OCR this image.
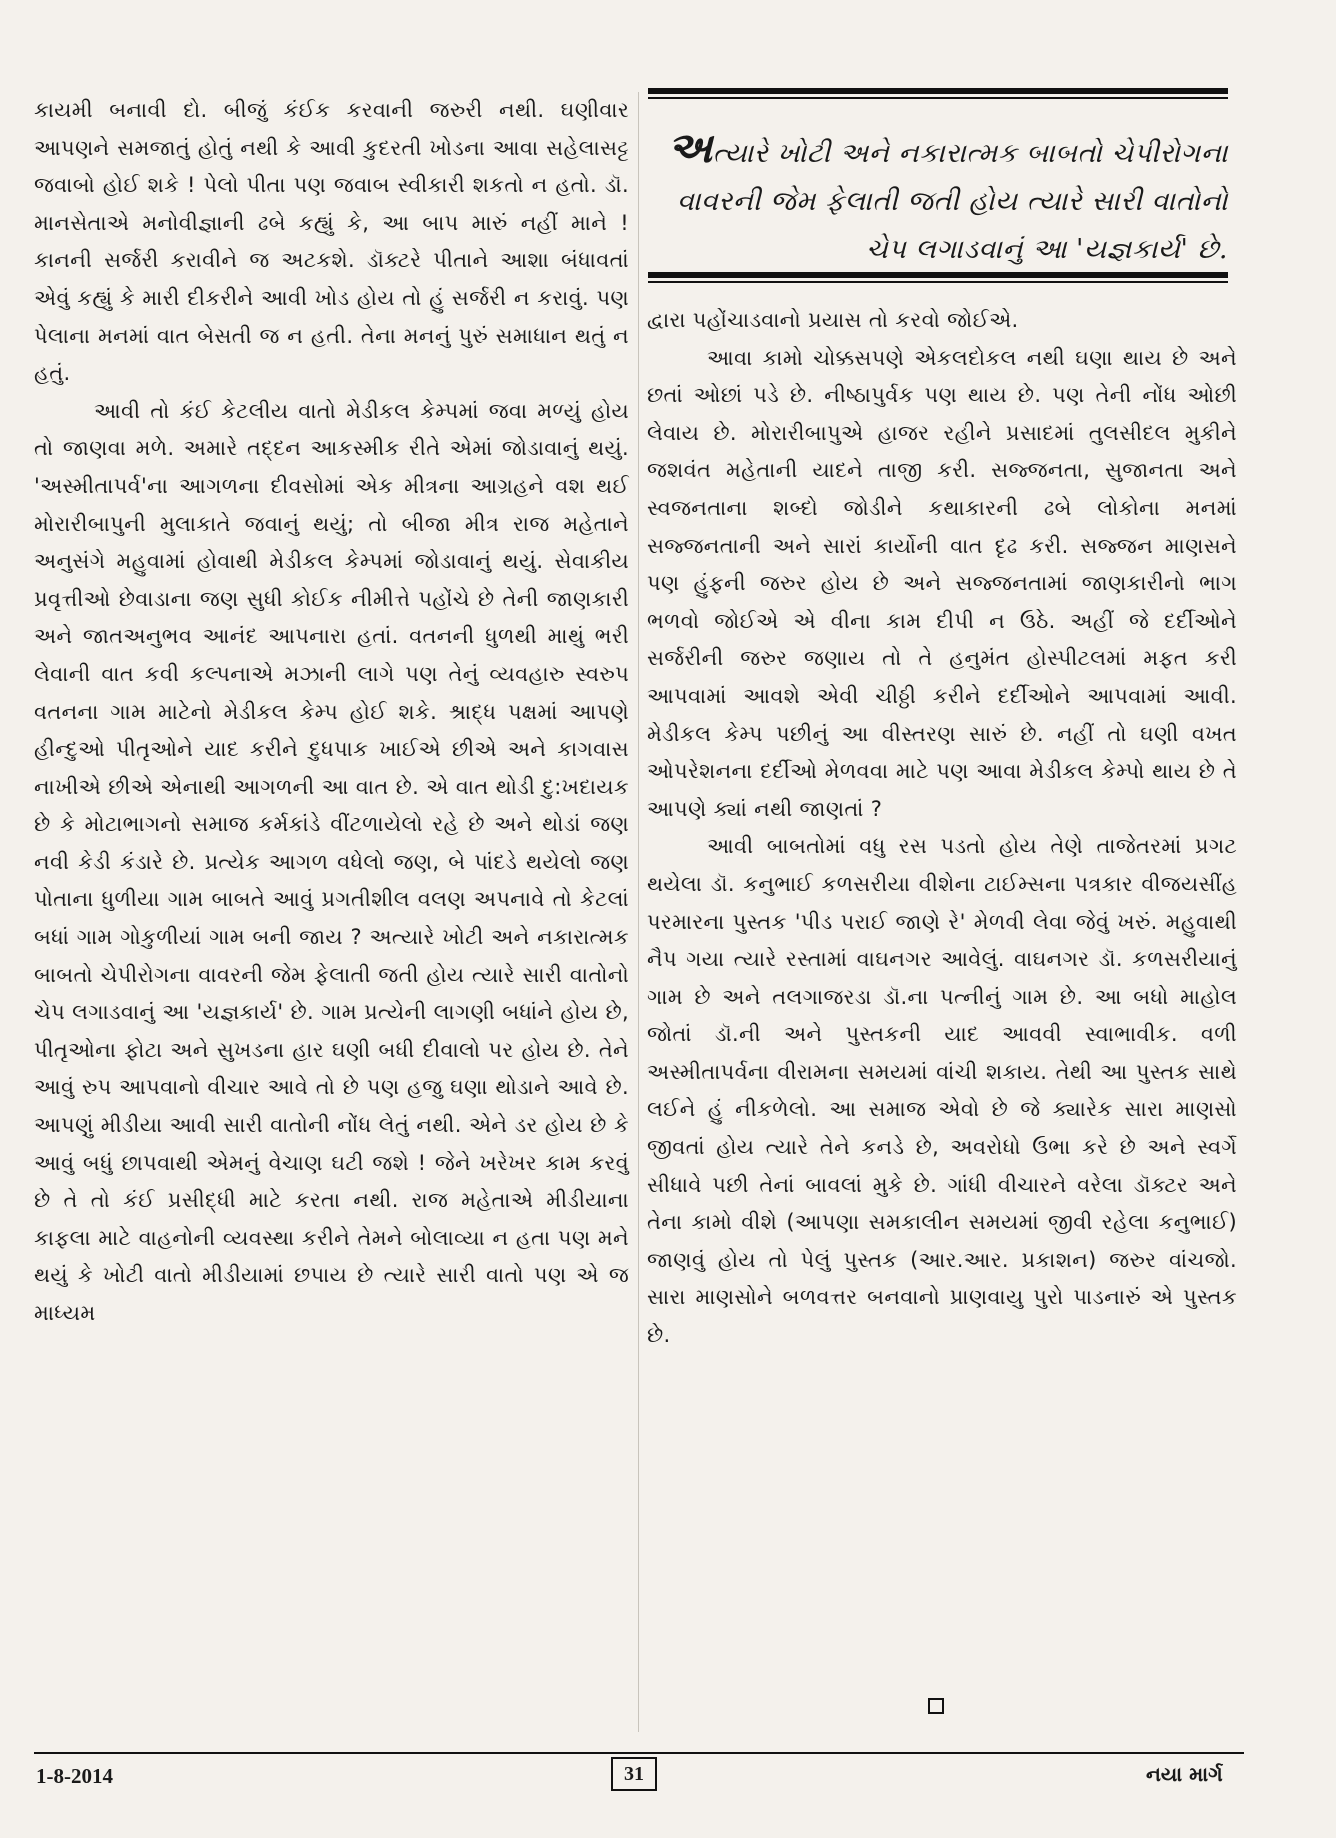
કાયમી બનાવી દો. બીજું કંઈક કરવાની જરુરી નથી. ઘણીવાર આપણને સમજાતું હોતું નથી કે આવી કુદરતી ખોડના આવા સહેલાસટ્ટ જવાબો હોઈ શકે ! પેલો પીતા પણ જવાબ સ્વીકારી શકતો ન હતો. ડૉ. માનસેતાએ મનોવીજ્ઞાની ઢબે કહ્યું કે, આ બાપ મારું નહીં માને ! કાનની સર્જરી કરાવીને જ અટકશે. ડૉક્ટરે પીતાને આશા બંધાવતાં એવું કહ્યું કે મારી દીકરીને આવી ખોડ હોય તો હું સર્જરી ન કરાવું. પણ પેલાના મનમાં વાત બેસતી જ ન હતી. તેના મનનું પુરું સમાધાન થતું ન હતું.

આવી તો કંઈ કેટલીય વાતો મેડીકલ કેમ્પમાં જવા મળ્યું હોય તો જાણવા મળે. અમારે તદ્દન આકસ્મીક રીતે એમાં જોડાવાનું થયું. 'અસ્મીતાપર્વ'ના આગળના દીવસોમાં એક મીત્રના આગ્રહને વશ થઈ મોરારીબાપુની મુલાકાતે જવાનું થયું; તો બીજા મીત્ર રાજ મહેતાને અનુસંગે મહુવામાં હોવાથી મેડીકલ કેમ્પમાં જોડાવાનું થયું. સેવાકીય પ્રવૃત્તીઓ છેવાડાના જણ સુધી કોઈક નીમીત્તે પહોંચે છે તેની જાણકારી અને જાતઅનુભવ આનંદ આપનારા હતાં. વતનની ધુળથી માથું ભરી લેવાની વાત કવી કલ્પનાએ મઝાની લાગે પણ તેનું વ્યવહારુ સ્વરુપ વતનના ગામ માટેનો મેડીકલ કેમ્પ હોઈ શકે. શ્રાદ્ધ પક્ષમાં આપણે હીન્દુઓ પીતૃઓને યાદ કરીને દુધપાક ખાઈએ છીએ અને કાગવાસ નાખીએ છીએ એનાથી આગળની આ વાત છે. એ વાત થોડી દુ:ખદાયક છે કે મોટાભાગનો સમાજ કર્મકાંડે વીંટળાયેલો રહે છે અને થોડાં જણ નવી કેડી કંડારે છે. પ્રત્યેક આગળ વધેલો જણ, બે પાંદડે થયેલો જણ પોતાના ધુળીયા ગામ બાબતે આવું પ્રગતીશીલ વલણ અપનાવે તો કેટલાં બધાં ગામ ગોકુળીયાં ગામ બની જાય ? અત્યારે ખોટી અને નકારાત્મક બાબતો ચેપીરોગના વાવરની જેમ ફેલાતી જતી હોય ત્યારે સારી વાતોનો ચેપ લગાડવાનું આ 'યજ્ઞકાર્ય' છે. ગામ પ્રત્યેની લાગણી બધાંને હોય છે, પીતૃઓના ફોટા અને સુખડના હાર ઘણી બધી દીવાલો પર હોય છે. તેને આવું રુપ આપવાનો વીચાર આવે તો છે પણ હજુ ઘણા થોડાને આવે છે. આપણું મીડીયા આવી સારી વાતોની નોંધ લેતું નથી. એને ડર હોય છે કે આવું બધું છાપવાથી એમનું વેચાણ ઘટી જશે ! જેને ખરેખર કામ કરવું છે તે તો કંઈ પ્રસીદ્ધી માટે કરતા નથી. રાજ મહેતાએ મીડીયાના કાફલા માટે વાહનોની વ્યવસ્થા કરીને તેમને બોલાવ્યા ન હતા પણ મને થયું કે ખોટી વાતો મીડીયામાં છપાય છે ત્યારે સારી વાતો પણ એ જ માધ્યમ

અત્યારે ખોટી અને નકારાત્મક બાબતો ચેપીરોગના વાવરની જેમ ફેલાતી જતી હોય ત્યારે સારી વાતોનો ચેપ લગાડવાનું આ 'યજ્ઞકાર્ય' છે.

દ્વારા પહોંચાડવાનો પ્રયાસ તો કરવો જોઈએ.

આવા કામો ચોક્કસપણે એકલદોકલ નથી ઘણા થાય છે અને છતાં ઓછાં પડે છે. નીષ્ઠાપુર્વક પણ થાય છે. પણ તેની નોંધ ઓછી લેવાય છે. મોરારીબાપુએ હાજર રહીને પ્રસાદમાં તુલસીદલ મુકીને જશવંત મહેતાની યાદને તાજી કરી. સજ્જનતા, સુજાનતા અને સ્વજનતાના શબ્દો જોડીને કથાકારની ઢબે લોકોના મનમાં સજ્જનતાની અને સારાં કાર્યોની વાત દૃઢ કરી. સજ્જન માણસને પણ હુંફની જરુર હોય છે અને સજ્જનતામાં જાણકારીનો ભાગ ભળવો જોઈએ એ વીના કામ દીપી ન ઉઠે. અહીં જે દર્દીઓને સર્જરીની જરુર જણાય તો તે હનુમંત હોસ્પીટલમાં મફત કરી આપવામાં આવશે એવી ચીઠ્ઠી કરીને દર્દીઓને આપવામાં આવી. મેડીકલ કેમ્પ પછીનું આ વીસ્તરણ સારું છે. નહીં તો ઘણી વખત ઓપરેશનના દર્દીઓ મેળવવા માટે પણ આવા મેડીકલ કેમ્પો થાય છે તે આપણે ક્યાં નથી જાણતાં ?

આવી બાબતોમાં વધુ રસ પડતો હોય તેણે તાજેતરમાં પ્રગટ થયેલા ડૉ. કનુભાઈ કળસરીયા વીશેના ટાઈમ્સના પત્રકાર વીજયસીંહ પરમારના પુસ્તક 'પીડ પરાઈ જાણે રે' મેળવી લેવા જેવું ખરું. મહુવાથી નૈપ ગયા ત્યારે રસ્તામાં વાઘનગર આવેલું. વાઘનગર ડૉ. કળસરીયાનું ગામ છે અને તલગાજરડા ડૉ.ના પત્નીનું ગામ છે. આ બધો માહોલ જોતાં ડૉ.ની અને પુસ્તકની યાદ આવવી સ્વાભાવીક. વળી અસ્મીતાપર્વના વીરામના સમયમાં વાંચી શકાય. તેથી આ પુસ્તક સાથે લઈને હું નીકળેલો. આ સમાજ એવો છે જે ક્યારેક સારા માણસો જીવતાં હોય ત્યારે તેને કનડે છે, અવરોધો ઉભા કરે છે અને સ્વર્ગે સીધાવે પછી તેનાં બાવલાં મુકે છે. ગાંધી વીચારને વરેલા ડૉક્ટર અને તેના કામો વીશે (આપણા સમકાલીન સમયમાં જીવી રહેલા કનુભાઈ) જાણવું હોય તો પેલું પુસ્તક (આર.આર. પ્રકાશન) જરુર વાંચજો. સારા માણસોને બળવત્તર બનવાનો પ્રાણવાયુ પુરો પાડનારું એ પુસ્તક છે.

1-8-2014	31	નયા માર્ગ
